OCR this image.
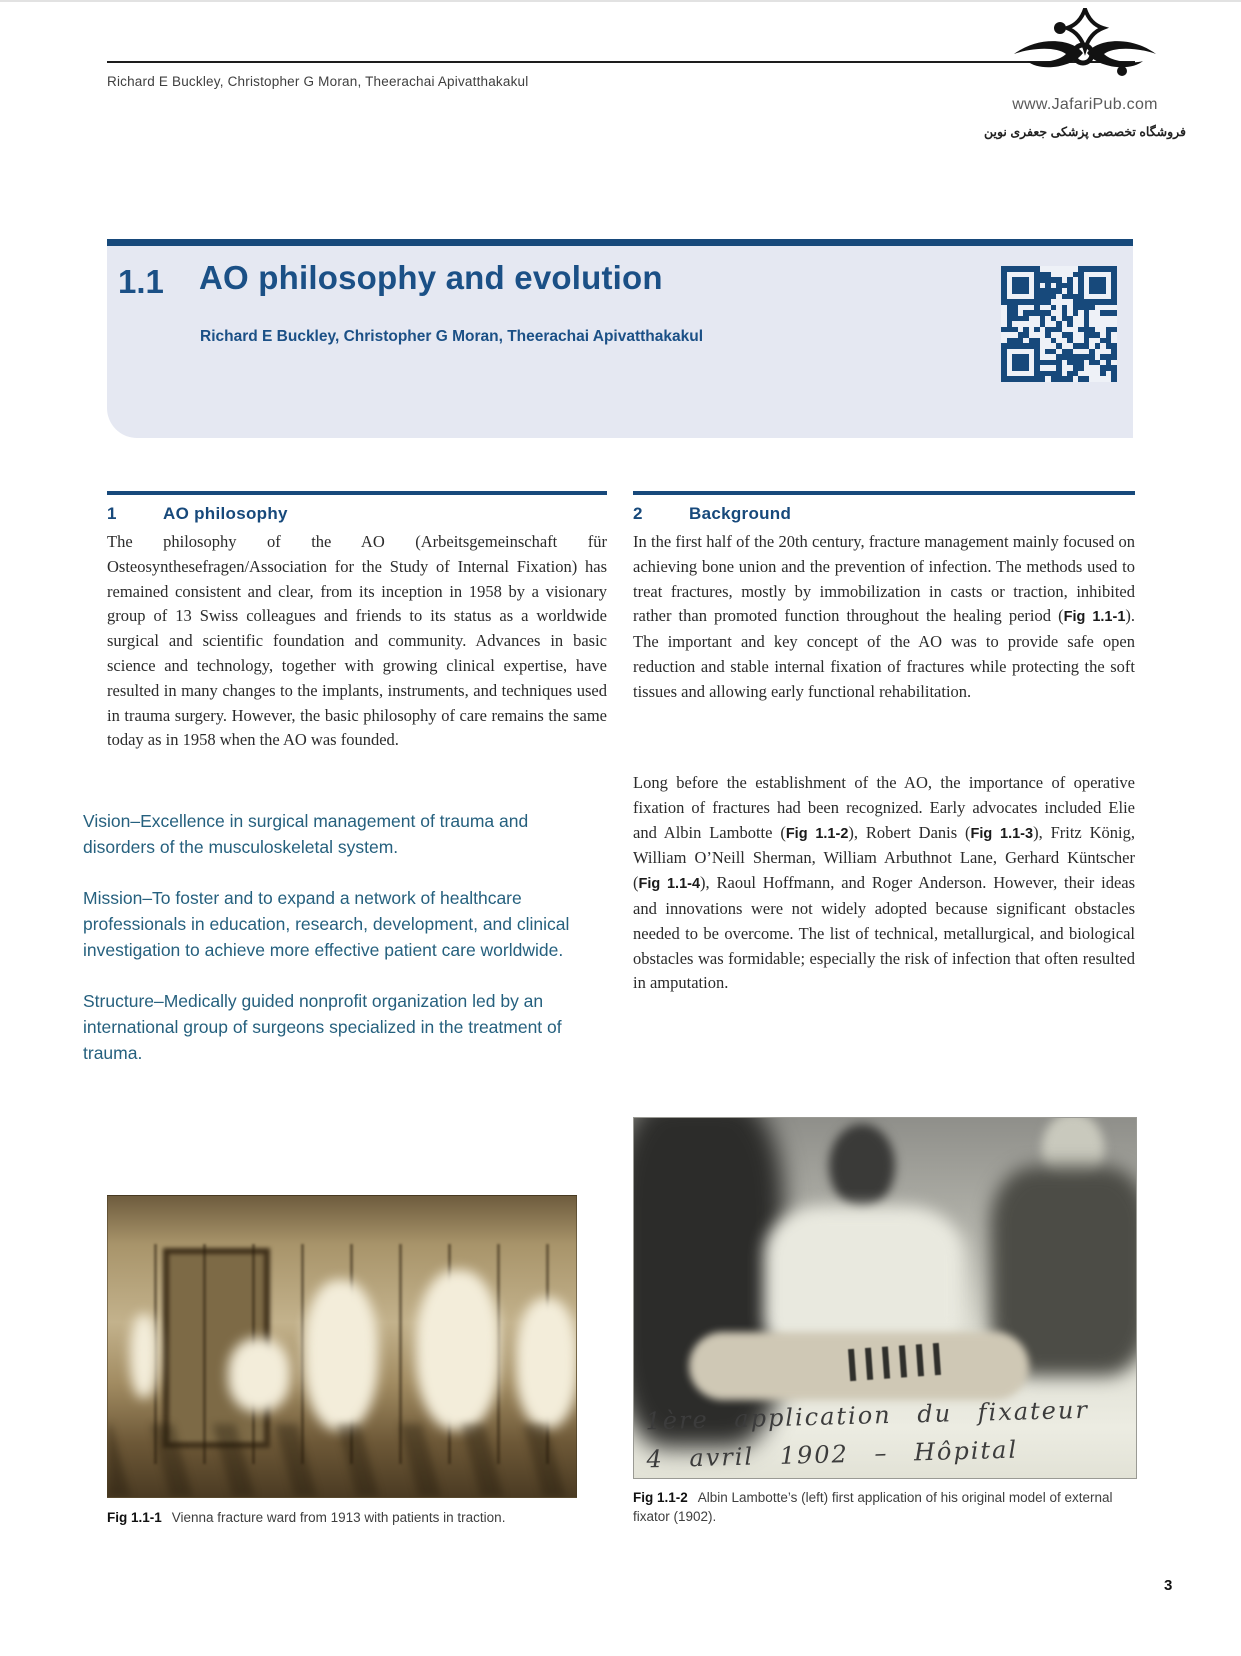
Richard E Buckley, Christopher G Moran, Theerachai Apivatthakakul
www.JafariPub.com
فروشگاه تخصصی پزشکی جعفری نوین
1.1 AO philosophy and evolution
Richard E Buckley, Christopher G Moran, Theerachai Apivatthakakul
1	AO philosophy	2	Background
The philosophy of the AO (Arbeitsgemeinschaft für Osteosynthesefragen/Association for the Study of Internal Fixation) has remained consistent and clear, from its inception in 1958 by a visionary group of 13 Swiss colleagues and friends to its status as a worldwide surgical and scientific foundation and community. Advances in basic science and technology, together with growing clinical expertise, have resulted in many changes to the implants, instruments, and techniques used in trauma surgery. However, the basic philosophy of care remains the same today as in 1958 when the AO was founded.

Vision–Excellence in surgical management of trauma and disorders of the musculoskeletal system.

Mission–To foster and to expand a network of healthcare professionals in education, research, development, and clinical investigation to achieve more effective patient care worldwide.

Structure–Medically guided nonprofit organization led by an international group of surgeons specialized in the treatment of trauma.

In the first half of the 20th century, fracture management mainly focused on achieving bone union and the prevention of infection. The methods used to treat fractures, mostly by immobilization in casts or traction, inhibited rather than promoted function throughout the healing period (Fig 1.1-1). The important and key concept of the AO was to provide safe open reduction and stable internal fixation of fractures while protecting the soft tissues and allowing early functional rehabilitation.
Long before the establishment of the AO, the importance of operative fixation of fractures had been recognized. Early advocates included Elie and Albin Lambotte (Fig 1.1-2), Robert Danis (Fig 1.1-3), Fritz König, William O’Neill Sherman, William Arbuthnot Lane, Gerhard Küntscher (Fig 1.1-4), Raoul Hoffmann, and Roger Anderson. However, their ideas and innovations were not widely adopted because significant obstacles needed to be overcome. The list of technical, metallurgical, and biological obstacles was formidable; especially the risk of infection that often resulted in amputation.
Fig 1.1-1 Vienna fracture ward from 1913 with patients in traction.
1ère application du fixateur
4 avril 1902 – Hôpital
Fig 1.1-2 Albin Lambotte’s (left) first application of his original model of external fixator (1902).
3
